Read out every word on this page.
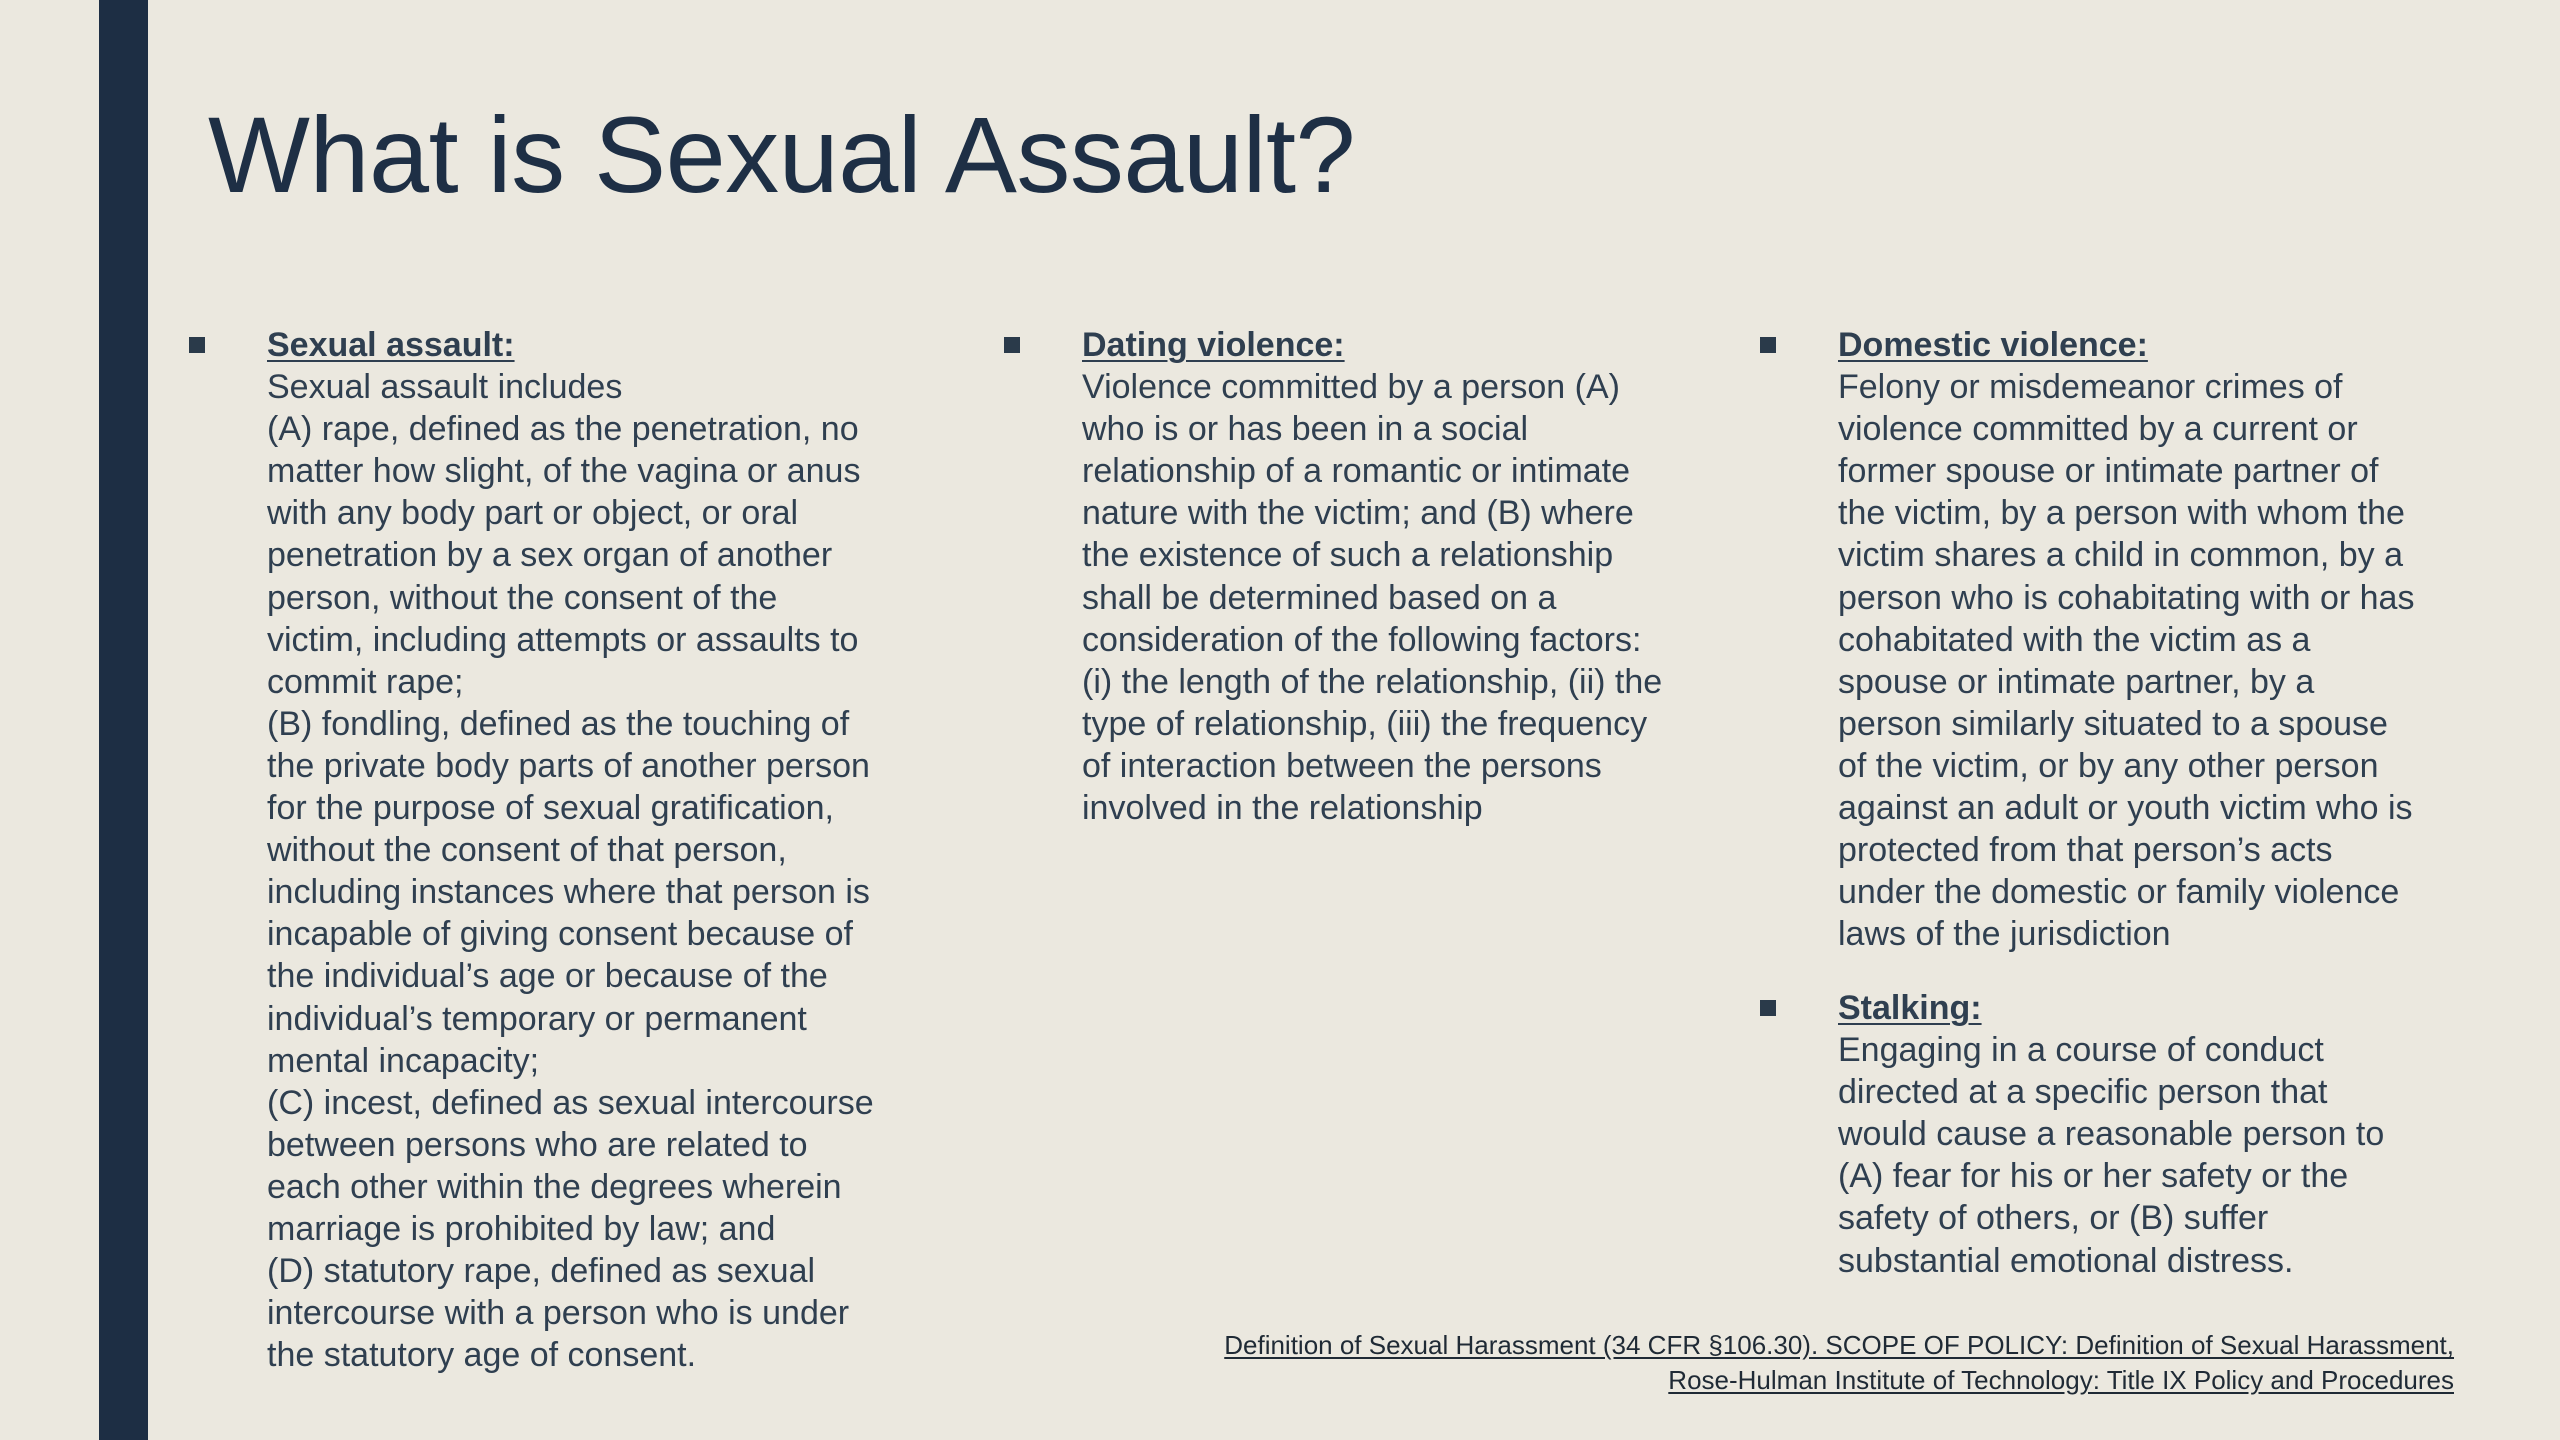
What is Sexual Assault?
Sexual assault:
Sexual assault includes
(A) rape, defined as the penetration, no
matter how slight, of the vagina or anus
with any body part or object, or oral
penetration by a sex organ of another
person, without the consent of the
victim, including attempts or assaults to
commit rape;
(B) fondling, defined as the touching of
the private body parts of another person
for the purpose of sexual gratification,
without the consent of that person,
including instances where that person is
incapable of giving consent because of
the individual’s age or because of the
individual’s temporary or permanent
mental incapacity;
(C) incest, defined as sexual intercourse
between persons who are related to
each other within the degrees wherein
marriage is prohibited by law; and
(D) statutory rape, defined as sexual
intercourse with a person who is under
the statutory age of consent.
Dating violence:
Violence committed by a person (A)
who is or has been in a social
relationship of a romantic or intimate
nature with the victim; and (B) where
the existence of such a relationship
shall be determined based on a
consideration of the following factors:
(i) the length of the relationship, (ii) the
type of relationship, (iii) the frequency
of interaction between the persons
involved in the relationship
Domestic violence:
Felony or misdemeanor crimes of
violence committed by a current or
former spouse or intimate partner of
the victim, by a person with whom the
victim shares a child in common, by a
person who is cohabitating with or has
cohabitated with the victim as a
spouse or intimate partner, by a
person similarly situated to a spouse
of the victim, or by any other person
against an adult or youth victim who is
protected from that person’s acts
under the domestic or family violence
laws of the jurisdiction
Stalking:
Engaging in a course of conduct
directed at a specific person that
would cause a reasonable person to
(A) fear for his or her safety or the
safety of others, or (B) suffer
substantial emotional distress.
Definition of Sexual Harassment (34 CFR §106.30). SCOPE OF POLICY: Definition of Sexual Harassment,
Rose-Hulman Institute of Technology: Title IX Policy and Procedures
